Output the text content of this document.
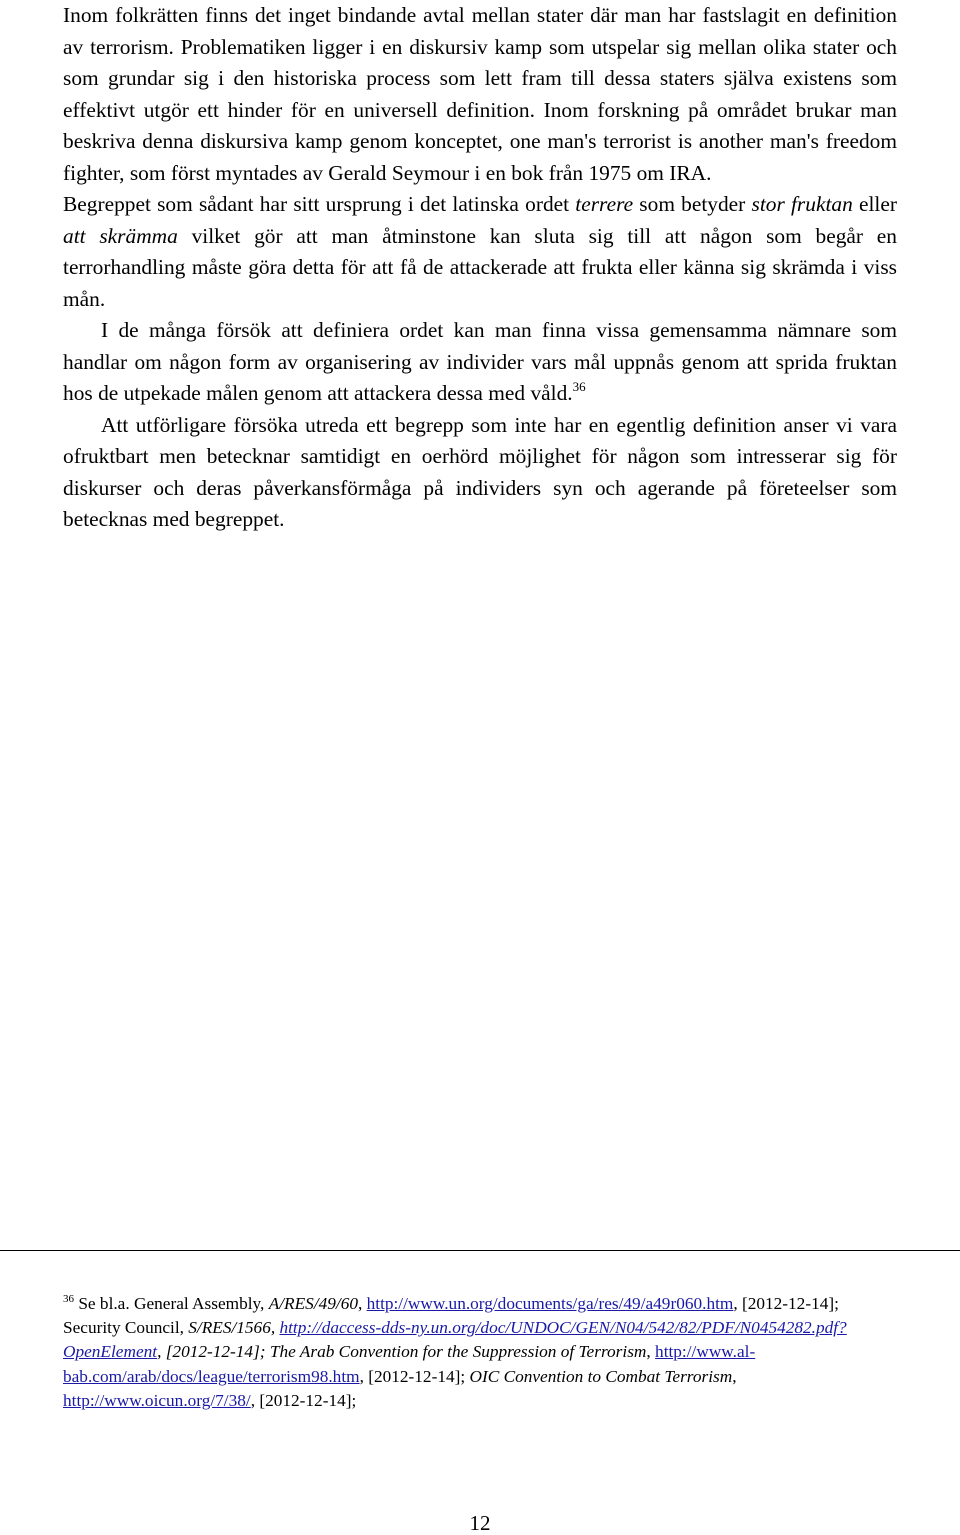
Inom folkrätten finns det inget bindande avtal mellan stater där man har fastslagit en definition av terrorism. Problematiken ligger i en diskursiv kamp som utspelar sig mellan olika stater och som grundar sig i den historiska process som lett fram till dessa staters själva existens som effektivt utgör ett hinder för en universell definition. Inom forskning på området brukar man beskriva denna diskursiva kamp genom konceptet, one man's terrorist is another man's freedom fighter, som först myntades av Gerald Seymour i en bok från 1975 om IRA.

Begreppet som sådant har sitt ursprung i det latinska ordet terrere som betyder stor fruktan eller att skrämma vilket gör att man åtminstone kan sluta sig till att någon som begår en terrorhandling måste göra detta för att få de attackerade att frukta eller känna sig skrämda i viss mån.

I de många försök att definiera ordet kan man finna vissa gemensamma nämnare som handlar om någon form av organisering av individer vars mål uppnås genom att sprida fruktan hos de utpekade målen genom att attackera dessa med våld.$^{36}$

Att utförligare försöka utreda ett begrepp som inte har en egentlig definition anser vi vara ofruktbart men betecknar samtidigt en oerhörd möjlighet för någon som intresserar sig för diskurser och deras påverkansförmåga på individers syn och agerande på företeelser som betecknas med begreppet.

$^{36}$ Se bl.a. General Assembly, A/RES/49/60, http://www.un.org/documents/ga/res/49/a49r060.htm, [2012-12-14]; Security Council, S/RES/1566, http://daccess-dds-ny.un.org/doc/UNDOC/GEN/N04/542/82/PDF/N0454282.pdf?OpenElement, [2012-12-14]; The Arab Convention for the Suppression of Terrorism, http://www.al-bab.com/arab/docs/league/terrorism98.htm, [2012-12-14]; OIC Convention to Combat Terrorism, http://www.oicun.org/7/38/, [2012-12-14];

12
